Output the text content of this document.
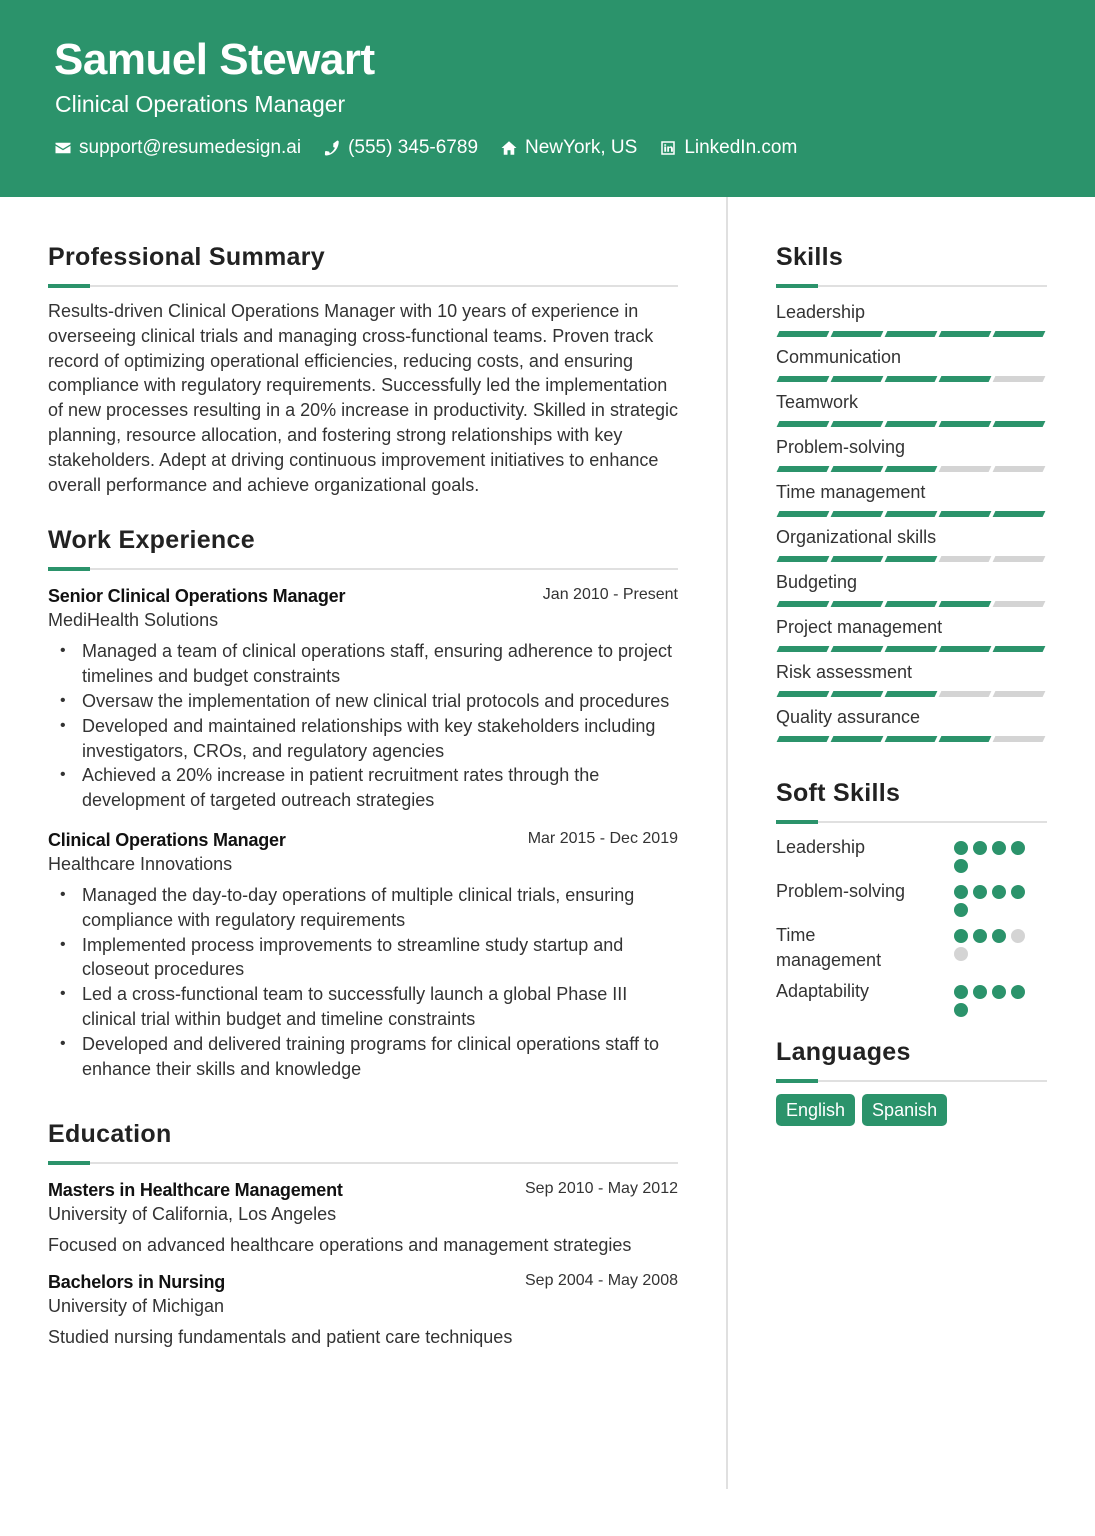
Samuel Stewart
Clinical Operations Manager
support@resumedesign.ai (555) 345-6789 NewYork, US LinkedIn.com
Professional Summary

Results-driven Clinical Operations Manager with 10 years of experience in overseeing clinical trials and managing cross-functional teams. Proven track record of optimizing operational efficiencies, reducing costs, and ensuring compliance with regulatory requirements. Successfully led the implementation of new processes resulting in a 20% increase in productivity. Skilled in strategic planning, resource allocation, and fostering strong relationships with key stakeholders. Adept at driving continuous improvement initiatives to enhance overall performance and achieve organizational goals.

Work Experience
Senior Clinical Operations Manager	Jan 2010 - Present
MediHealth Solutions
• Managed a team of clinical operations staff, ensuring adherence to project timelines and budget constraints
• Oversaw the implementation of new clinical trial protocols and procedures
• Developed and maintained relationships with key stakeholders including investigators, CROs, and regulatory agencies
• Achieved a 20% increase in patient recruitment rates through the development of targeted outreach strategies
Clinical Operations Manager	Mar 2015 - Dec 2019
Healthcare Innovations
• Managed the day-to-day operations of multiple clinical trials, ensuring compliance with regulatory requirements
• Implemented process improvements to streamline study startup and closeout procedures
• Led a cross-functional team to successfully launch a global Phase III clinical trial within budget and timeline constraints
• Developed and delivered training programs for clinical operations staff to enhance their skills and knowledge
Education
Masters in Healthcare Management	Sep 2010 - May 2012
University of California, Los Angeles
Focused on advanced healthcare operations and management strategies
Bachelors in Nursing	Sep 2004 - May 2008
University of Michigan
Studied nursing fundamentals and patient care techniques
Skills
Leadership
Communication
Teamwork
Problem-solving
Time management
Organizational skills
Budgeting
Project management
Risk assessment
Quality assurance
Soft Skills
Leadership
Problem-solving
Time management
Adaptability
Languages
English	Spanish
